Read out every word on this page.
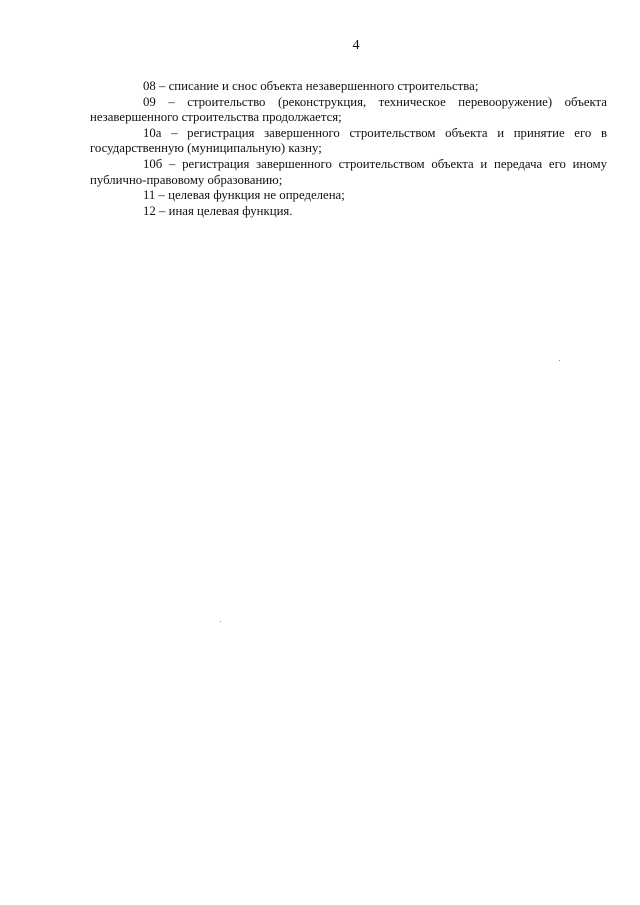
4

08 – списание и снос объекта незавершенного строительства;

09 – строительство (реконструкция, техническое перевооружение) объекта незавершенного строительства продолжается;

10а – регистрация завершенного строительством объекта и принятие его в государственную (муниципальную) казну;

10б – регистрация завершенного строительством объекта и передача его иному публично-правовому образованию;

11 – целевая функция не определена;

12 – иная целевая функция.
